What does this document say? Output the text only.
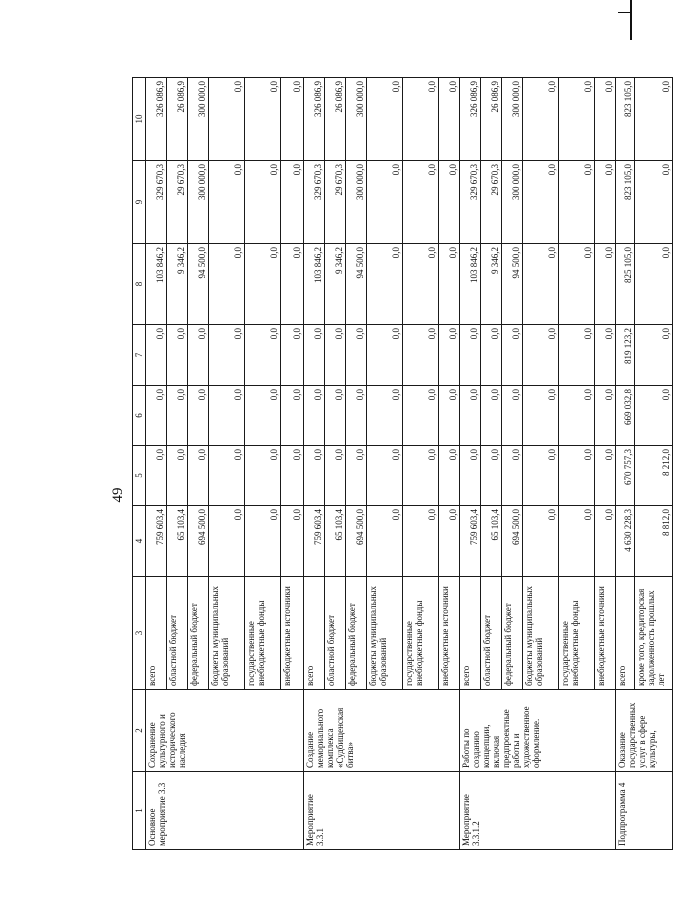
49
1	2	3	4	5	6	7	8	9	10
Основное мероприятие 3.3	Сохранение культурного и исторического наследия	всего	759 603,4	0,0	0,0	0,0	103 846,2	329 670,3	326 086,9
		областной бюджет	65 103,4	0,0	0,0	0,0	9 346,2	29 670,3	26 086,9
		федеральный бюджет	694 500,0	0,0	0,0	0,0	94 500,0	300 000,0	300 000,0
		бюджеты муниципальных образований	0,0	0,0	0,0	0,0	0,0	0,0	0,0
		государственные внебюджетные фонды	0,0	0,0	0,0	0,0	0,0	0,0	0,0
		внебюджетные источники	0,0	0,0	0,0	0,0	0,0	0,0	0,0
Мероприятие 3.3.1	Создание мемориального комплекса «Судбищенская битва»	всего	759 603,4	0,0	0,0	0,0	103 846,2	329 670,3	326 086,9
		областной бюджет	65 103,4	0,0	0,0	0,0	9 346,2	29 670,3	26 086,9
		федеральный бюджет	694 500,0	0,0	0,0	0,0	94 500,0	300 000,0	300 000,0
		бюджеты муниципальных образований	0,0	0,0	0,0	0,0	0,0	0,0	0,0
		государственные внебюджетные фонды	0,0	0,0	0,0	0,0	0,0	0,0	0,0
		внебюджетные источники	0,0	0,0	0,0	0,0	0,0	0,0	0,0
Мероприятие 3.3.1.2	Работы по созданию концепции, включая предпроектные работы и художественное оформление.	всего	759 603,4	0,0	0,0	0,0	103 846,2	329 670,3	326 086,9
		областной бюджет	65 103,4	0,0	0,0	0,0	9 346,2	29 670,3	26 086,9
		федеральный бюджет	694 500,0	0,0	0,0	0,0	94 500,0	300 000,0	300 000,0
		бюджеты муниципальных образований	0,0	0,0	0,0	0,0	0,0	0,0	0,0
		государственные внебюджетные фонды	0,0	0,0	0,0	0,0	0,0	0,0	0,0
		внебюджетные источники	0,0	0,0	0,0	0,0	0,0	0,0	0,0
Подпрограмма 4	Оказание государственных услуг в сфере культуры,	всего	4 630 228,3	670 757,3	669 032,8	819 123,2	825 105,0	823 105,0	823 105,0
		кроме того, кредиторская задолженность прошлых лет	8 812,0	8 212,0	0,0	0,0	0,0	0,0	0,0
